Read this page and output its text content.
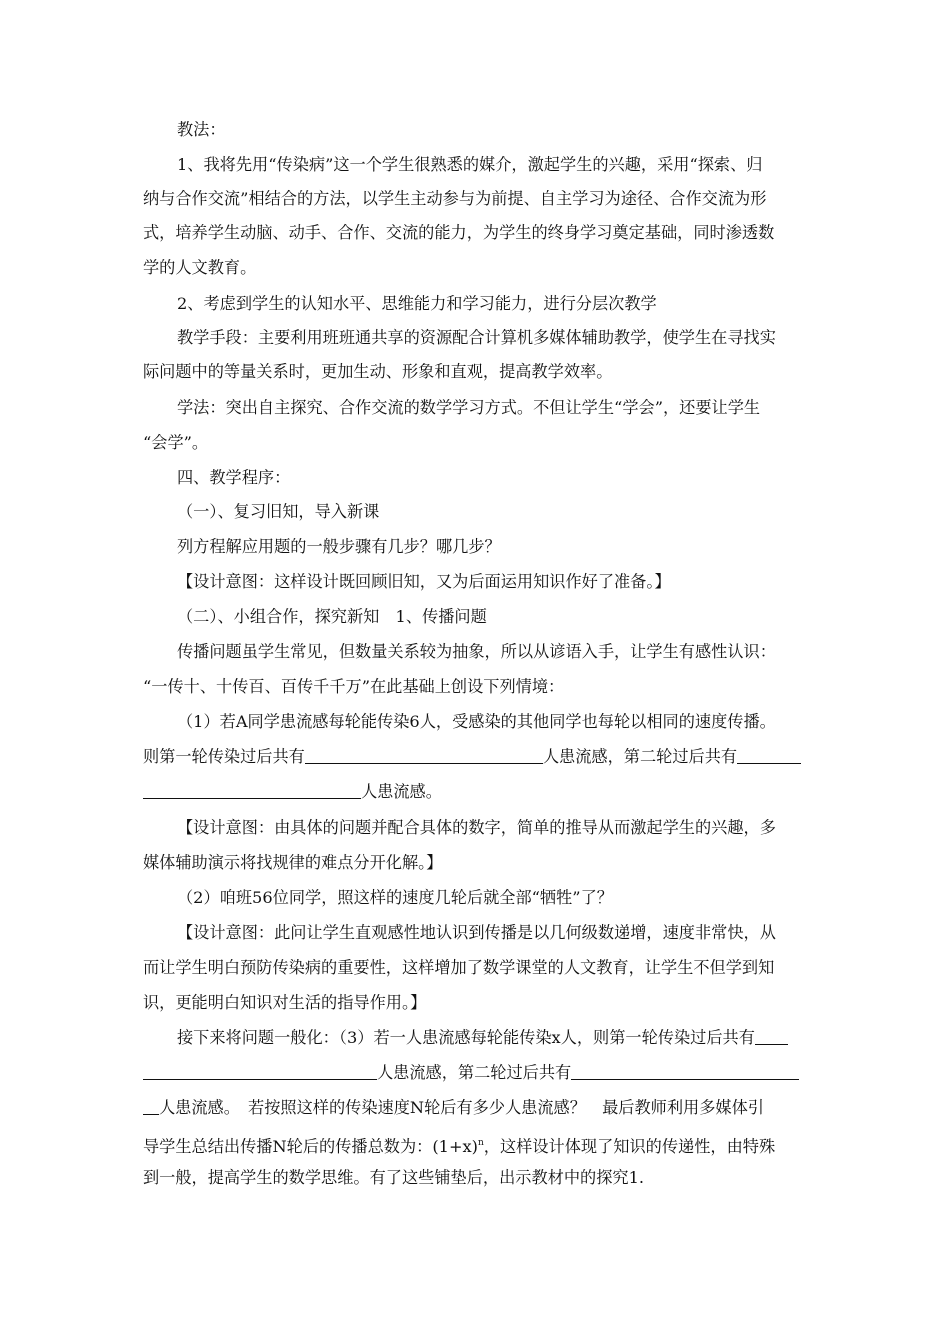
教法：
1、我将先用“传染病”这一个学生很熟悉的媒介，激起学生的兴趣，采用“探索、归
纳与合作交流”相结合的方法，以学生主动参与为前提、自主学习为途径、合作交流为形
式，培养学生动脑、动手、合作、交流的能力，为学生的终身学习奠定基础，同时渗透数
学的人文教育。
2、考虑到学生的认知水平、思维能力和学习能力，进行分层次教学
教学手段：主要利用班班通共享的资源配合计算机多媒体辅助教学，使学生在寻找实
际问题中的等量关系时，更加生动、形象和直观，提高教学效率。
学法：突出自主探究、合作交流的数学学习方式。不但让学生“学会”，还要让学生
“会学”。
四、教学程序：
（一）、复习旧知，导入新课
列方程解应用题的一般步骤有几步？哪几步？
【设计意图：这样设计既回顾旧知，又为后面运用知识作好了准备。】
（二）、小组合作，探究新知　1、传播问题
传播问题虽学生常见，但数量关系较为抽象，所以从谚语入手，让学生有感性认识：
“一传十、十传百、百传千千万”在此基础上创设下列情境：
（1）若A同学患流感每轮能传染6人，受感染的其他同学也每轮以相同的速度传播。
则第一轮传染过后共有	人患流感，第二轮过后共有
人患流感。
【设计意图：由具体的问题并配合具体的数字，简单的推导从而激起学生的兴趣，多
媒体辅助演示将找规律的难点分开化解。】
（2）咱班56位同学，照这样的速度几轮后就全部“牺牲”了？
【设计意图：此问让学生直观感性地认识到传播是以几何级数递增，速度非常快，从
而让学生明白预防传染病的重要性，这样增加了数学课堂的人文教育，让学生不但学到知
识，更能明白知识对生活的指导作用。】
接下来将问题一般化：（3）若一人患流感每轮能传染x人，则第一轮传染过后共有
人患流感，第二轮过后共有
人患流感。　若按照这样的传染速度N轮后有多少人患流感？　最后教师利用多媒体引
导学生总结出传播N轮后的传播总数为：$(1+x)^n$，这样设计体现了知识的传递性，由特殊
到一般，提高学生的数学思维。有了这些铺垫后，出示教材中的探究1.
